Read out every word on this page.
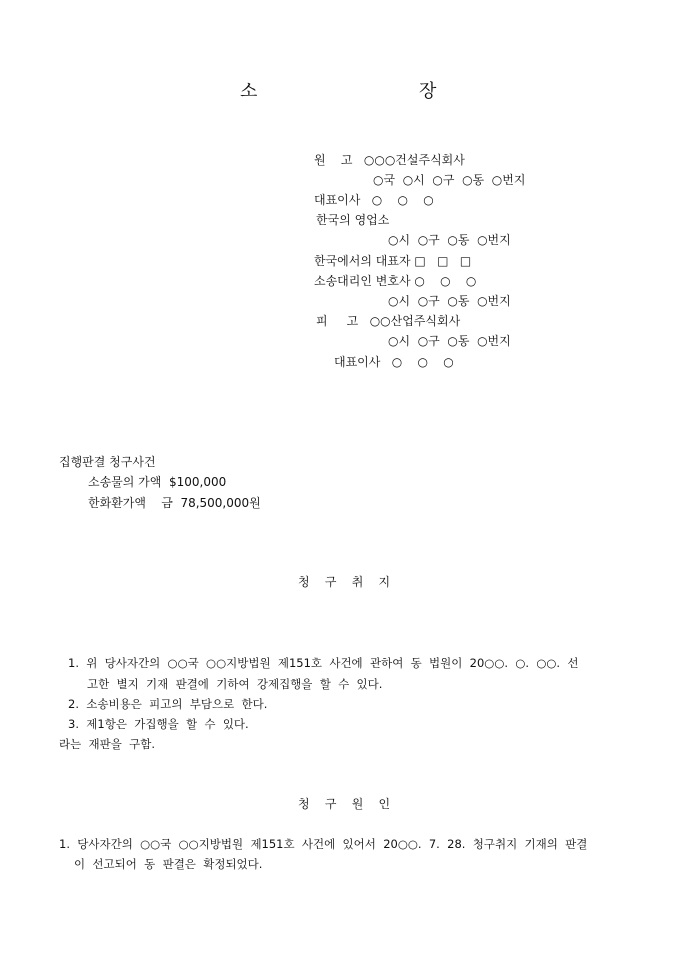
소	장
원    고   ○○○건설주식회사
○국  ○시  ○구  ○동  ○번지
대표이사   ○    ○    ○
한국의 영업소
○시  ○구  ○동  ○번지
한국에서의 대표자 □   □   □
소송대리인 변호사 ○    ○    ○
○시  ○구  ○동  ○번지
피     고   ○○산업주식회사
○시  ○구  ○동  ○번지
대표이사   ○    ○    ○
집행판결 청구사건
소송물의 가액  $100,000
한화환가액    금  78,500,000원
청    구    취    지
1.  위  당사자간의  ○○국  ○○지방법원  제151호  사건에  관하여  동  법원이  20○○.  ○.  ○○.  선
고한  별지  기재  판결에  기하여  강제집행을  할  수  있다.
2.  소송비용은  피고의  부담으로  한다.
3.  제1항은  가집행을  할  수  있다.
라는  재판을  구함.
청    구    원    인
1.  당사자간의  ○○국  ○○지방법원  제151호  사건에  있어서  20○○.  7.  28.  청구취지  기재의  판결
이  선고되어  동  판결은  확정되었다.
